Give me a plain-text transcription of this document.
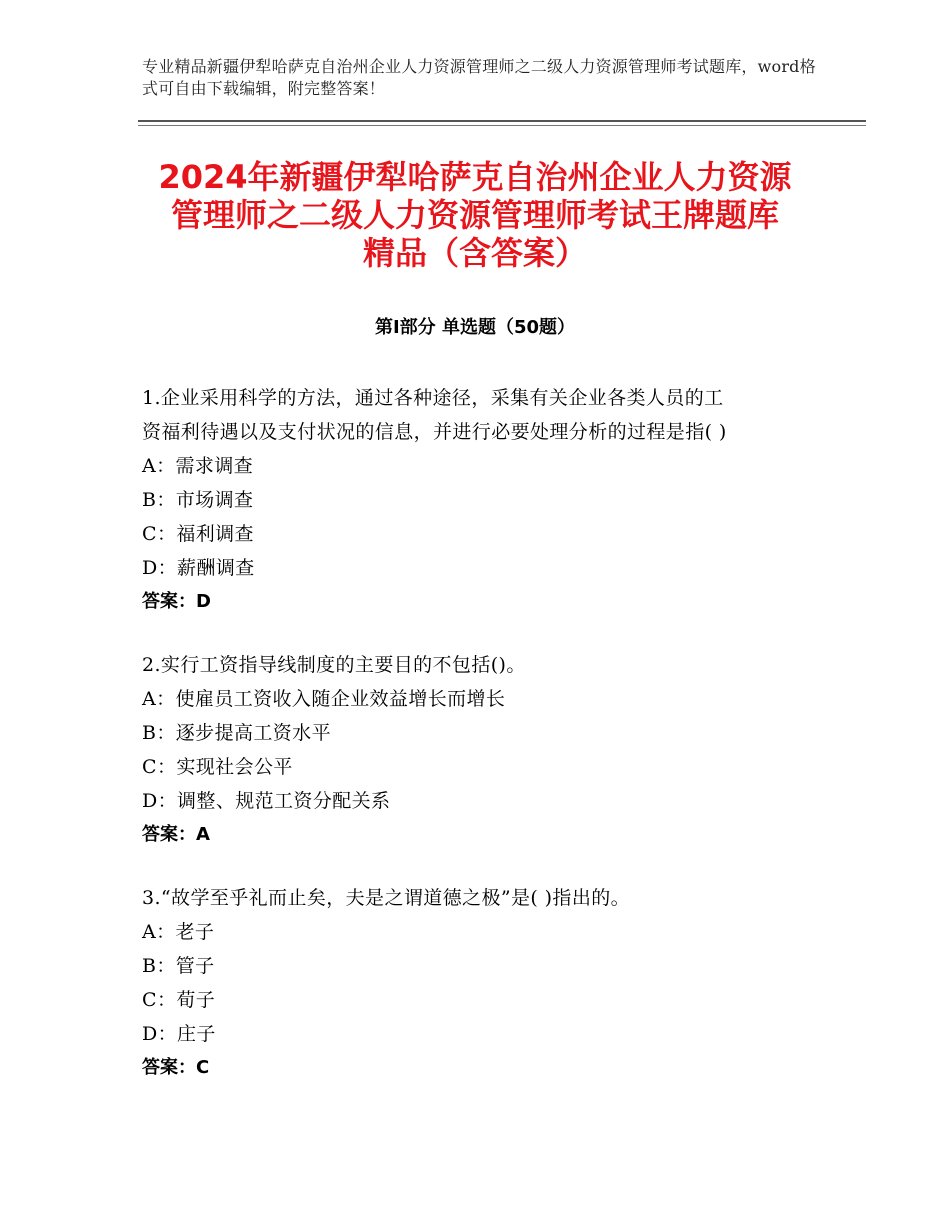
专业精品新疆伊犁哈萨克自治州企业人力资源管理师之二级人力资源管理师考试题库，word格式可自由下载编辑，附完整答案！
2024年新疆伊犁哈萨克自治州企业人力资源
管理师之二级人力资源管理师考试王牌题库
精品（含答案）
第Ⅰ部分 单选题（50题）
1.企业采用科学的方法，通过各种途径，采集有关企业各类人员的工
资福利待遇以及支付状况的信息，并进行必要处理分析的过程是指( )
A：需求调查
B：市场调查
C：福利调查
D：薪酬调查
答案：D
2.实行工资指导线制度的主要目的不包括()。
A：使雇员工资收入随企业效益增长而增长
B：逐步提高工资水平
C：实现社会公平
D：调整、规范工资分配关系
答案：A
3.“故学至乎礼而止矣，夫是之谓道德之极”是( )指出的。
A：老子
B：管子
C：荀子
D：庄子
答案：C
